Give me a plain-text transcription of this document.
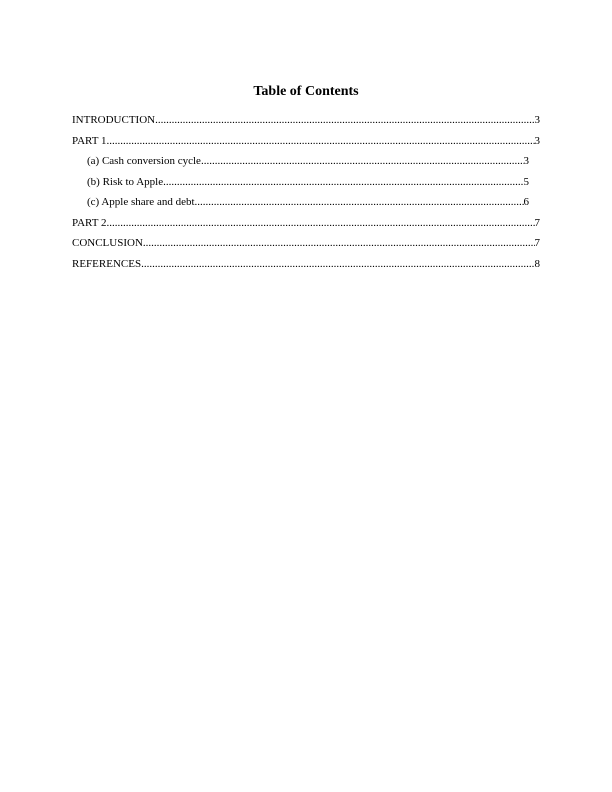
Table of Contents
INTRODUCTION .....	3
PART 1 .....	3
(a) Cash conversion cycle .....	3
(b) Risk to Apple .....	5
(c) Apple share and debt .....	6
PART 2 .....	7
CONCLUSION .....	7
REFERENCES .....	8
